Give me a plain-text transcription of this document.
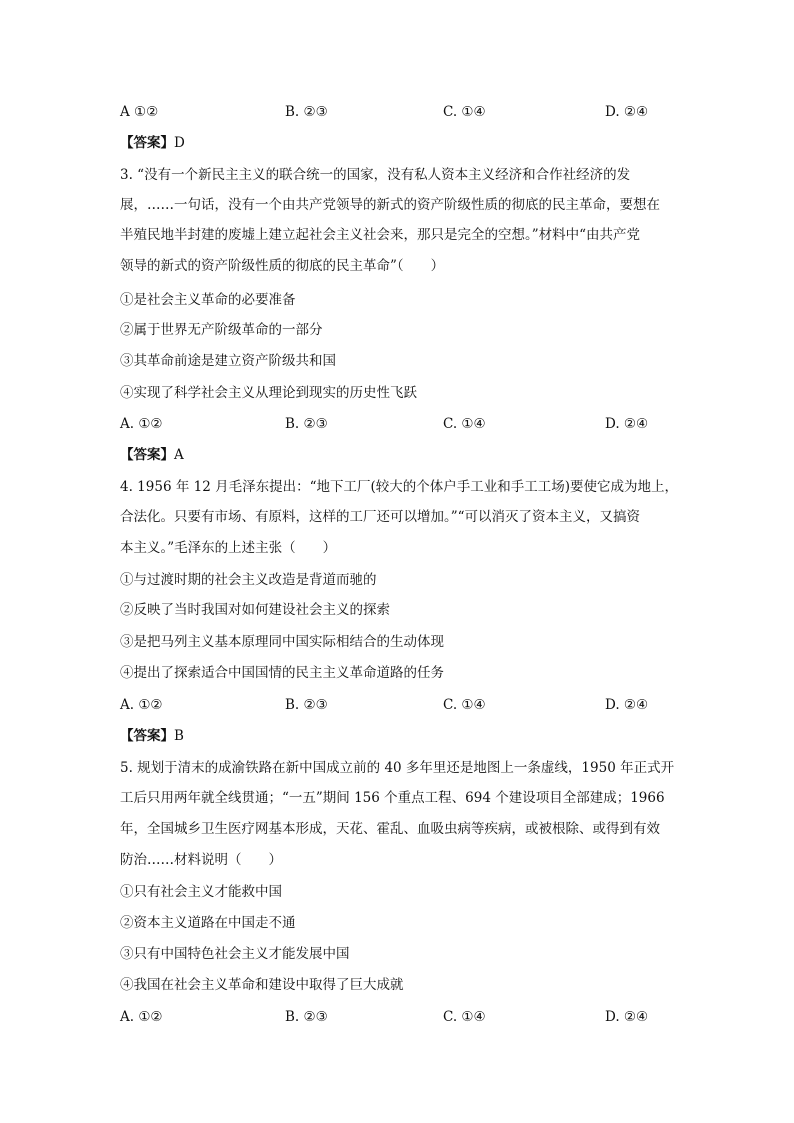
A ①②	B. ②③	C. ①④	D. ②④
【答案】D
3. “没有一个新民主主义的联合统一的国家，没有私人资本主义经济和合作社经济的发
展，……一句话，没有一个由共产党领导的新式的资产阶级性质的彻底的民主革命，要想在
半殖民地半封建的废墟上建立起社会主义社会来，那只是完全的空想。”材料中“由共产党
领导的新式的资产阶级性质的彻底的民主革命”（　　）
①是社会主义革命的必要准备
②属于世界无产阶级革命的一部分
③其革命前途是建立资产阶级共和国
④实现了科学社会主义从理论到现实的历史性飞跃
A. ①②	B. ②③	C. ①④	D. ②④
【答案】A
4. 1956 年 12 月毛泽东提出：“地下工厂(较大的个体户手工业和手工工场)要使它成为地上，
合法化。只要有市场、有原料，这样的工厂还可以增加。”“可以消灭了资本主义，又搞资
本主义。”毛泽东的上述主张（　　）
①与过渡时期的社会主义改造是背道而驰的
②反映了当时我国对如何建设社会主义的探索
③是把马列主义基本原理同中国实际相结合的生动体现
④提出了探索适合中国国情的民主主义革命道路的任务
A. ①②	B. ②③	C. ①④	D. ②④
【答案】B
5. 规划于清末的成渝铁路在新中国成立前的 40 多年里还是地图上一条虚线，1950 年正式开
工后只用两年就全线贯通；“一五”期间 156 个重点工程、694 个建设项目全部建成；1966
年，全国城乡卫生医疗网基本形成，天花、霍乱、血吸虫病等疾病，或被根除、或得到有效
防治……材料说明（　　）
①只有社会主义才能救中国
②资本主义道路在中国走不通
③只有中国特色社会主义才能发展中国
④我国在社会主义革命和建设中取得了巨大成就
A. ①②	B. ②③	C. ①④	D. ②④
